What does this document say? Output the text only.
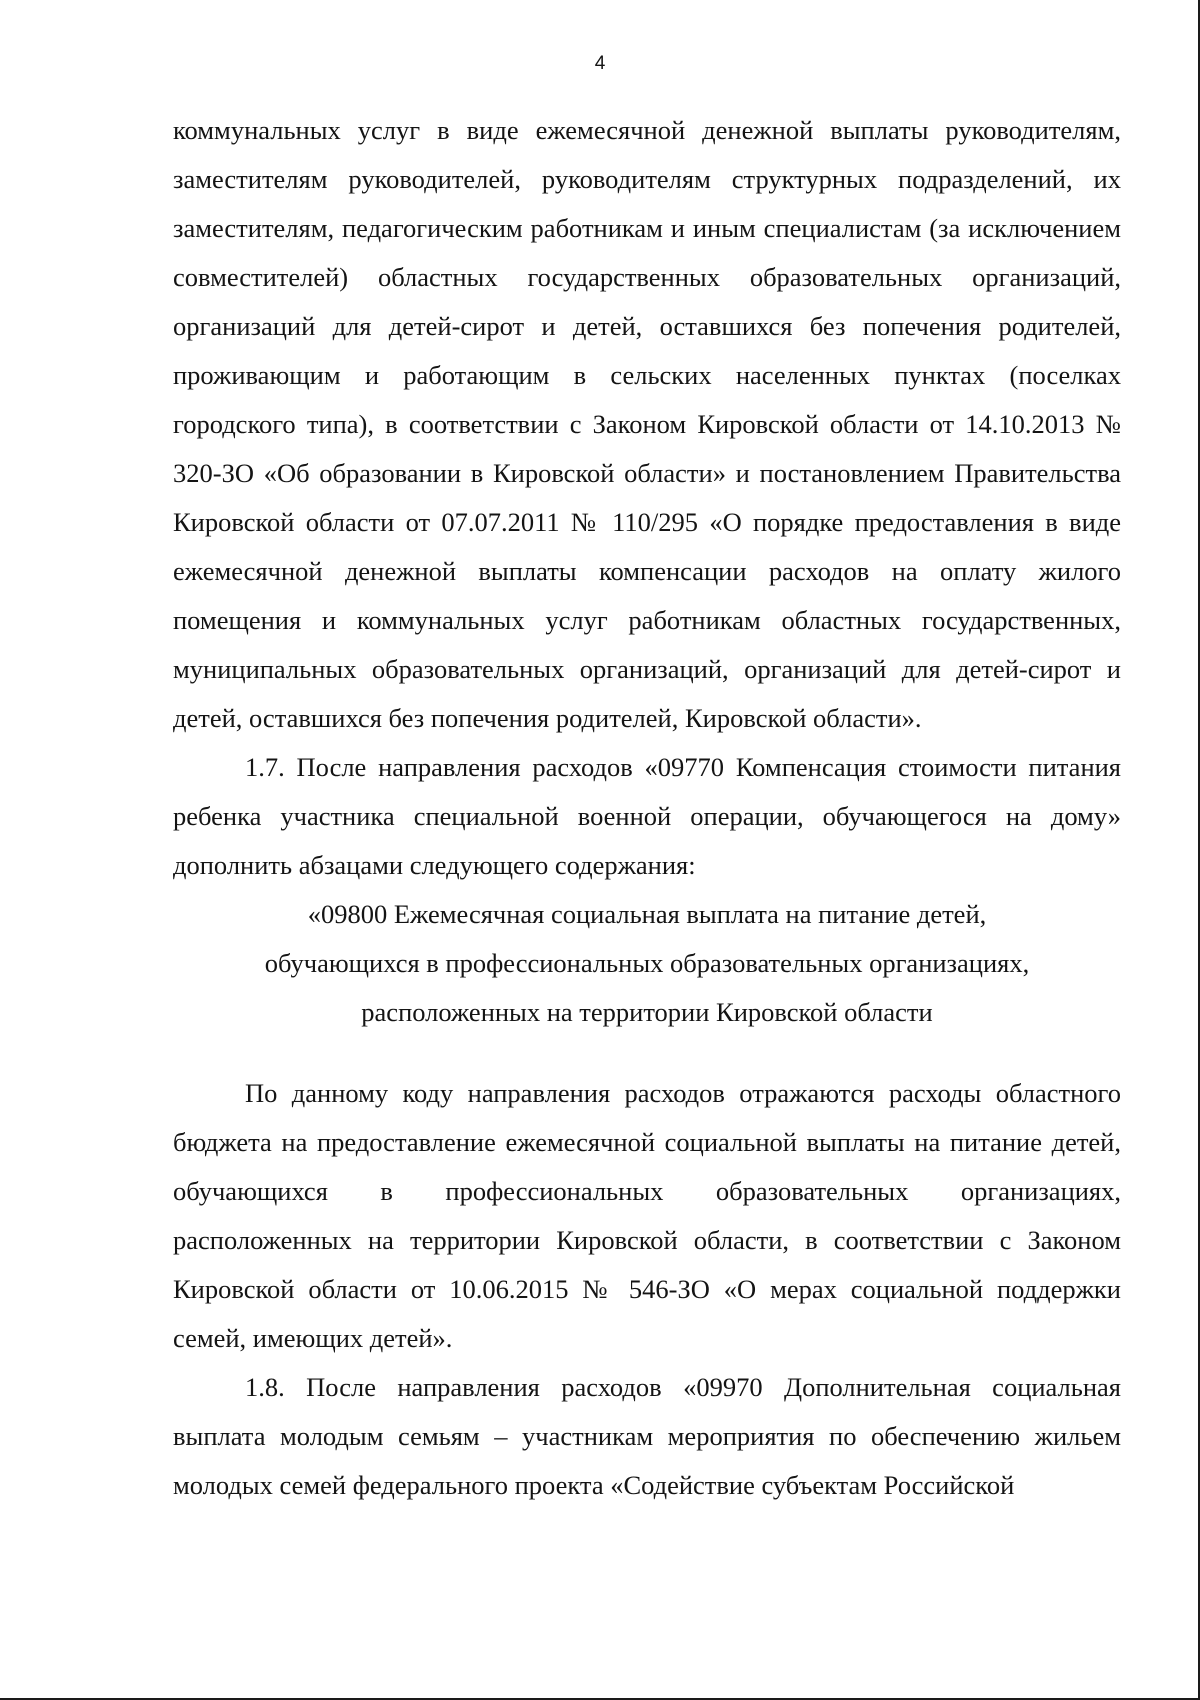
4

коммунальных услуг в виде ежемесячной денежной выплаты руководителям, заместителям руководителей, руководителям структурных подразделений, их заместителям, педагогическим работникам и иным специалистам (за исключением совместителей) областных государственных образовательных организаций, организаций для детей-сирот и детей, оставшихся без попечения родителей, проживающим и работающим в сельских населенных пунктах (поселках городского типа), в соответствии с Законом Кировской области от 14.10.2013 № 320-ЗО «Об образовании в Кировской области» и постановлением Правительства Кировской области от 07.07.2011 № 110/295 «О порядке предоставления в виде ежемесячной денежной выплаты компенсации расходов на оплату жилого помещения и коммунальных услуг работникам областных государственных, муниципальных образовательных организаций, организаций для детей-сирот и детей, оставшихся без попечения родителей, Кировской области».

1.7. После направления расходов «09770 Компенсация стоимости питания ребенка участника специальной военной операции, обучающегося на дому» дополнить абзацами следующего содержания:

«09800 Ежемесячная социальная выплата на питание детей,

обучающихся в профессиональных образовательных организациях,

расположенных на территории Кировской области

По данному коду направления расходов отражаются расходы областного бюджета на предоставление ежемесячной социальной выплаты на питание детей, обучающихся в профессиональных образовательных организациях, расположенных на территории Кировской области, в соответствии с Законом Кировской области от 10.06.2015 № 546-ЗО «О мерах социальной поддержки семей, имеющих детей».

1.8. После направления расходов «09970 Дополнительная социальная выплата молодым семьям – участникам мероприятия по обеспечению жильем молодых семей федерального проекта «Содействие субъектам Российской
